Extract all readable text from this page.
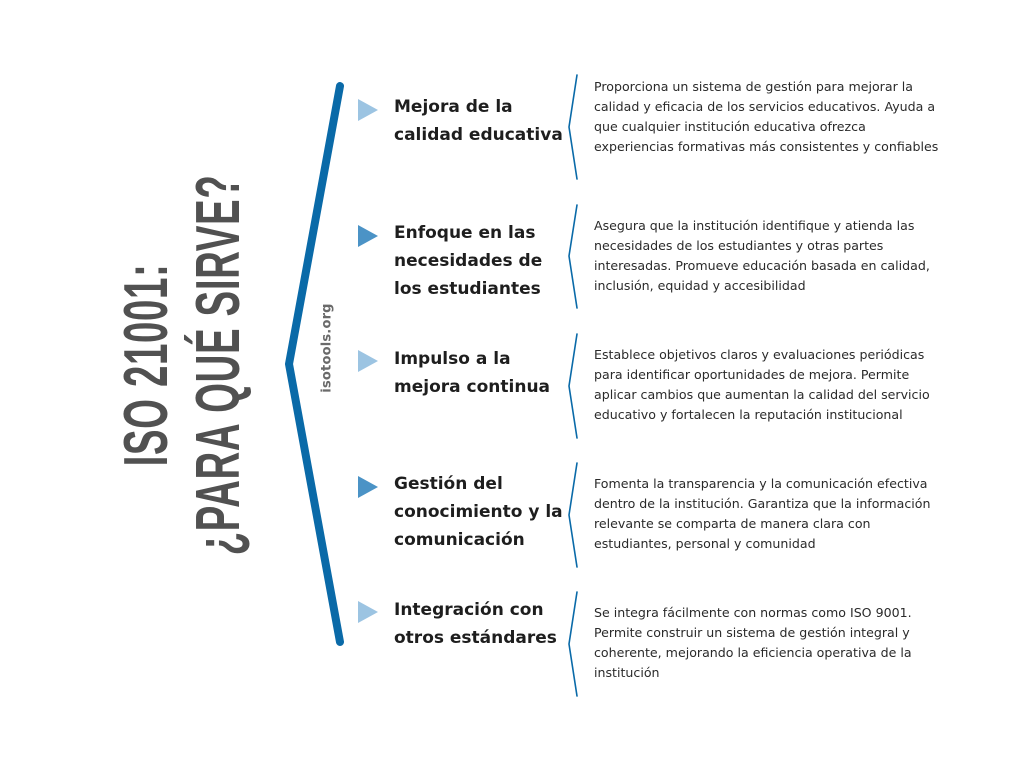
ISO 21001: ¿PARA QUÉ SIRVE?	isotools.org
Mejora de la calidad educativa
Proporciona un sistema de gestión para mejorar la calidad y eficacia de los servicios educativos. Ayuda a que cualquier institución educativa ofrezca experiencias formativas más consistentes y confiables
Enfoque en las necesidades de los estudiantes
Asegura que la institución identifique y atienda las necesidades de los estudiantes y otras partes interesadas. Promueve educación basada en calidad, inclusión, equidad y accesibilidad
Impulso a la mejora continua
Establece objetivos claros y evaluaciones periódicas para identificar oportunidades de mejora. Permite aplicar cambios que aumentan la calidad del servicio educativo y fortalecen la reputación institucional
Gestión del conocimiento y la comunicación
Fomenta la transparencia y la comunicación efectiva dentro de la institución. Garantiza que la información relevante se comparta de manera clara con estudiantes, personal y comunidad
Integración con otros estándares
Se integra fácilmente con normas como ISO 9001. Permite construir un sistema de gestión integral y coherente, mejorando la eficiencia operativa de la institución
